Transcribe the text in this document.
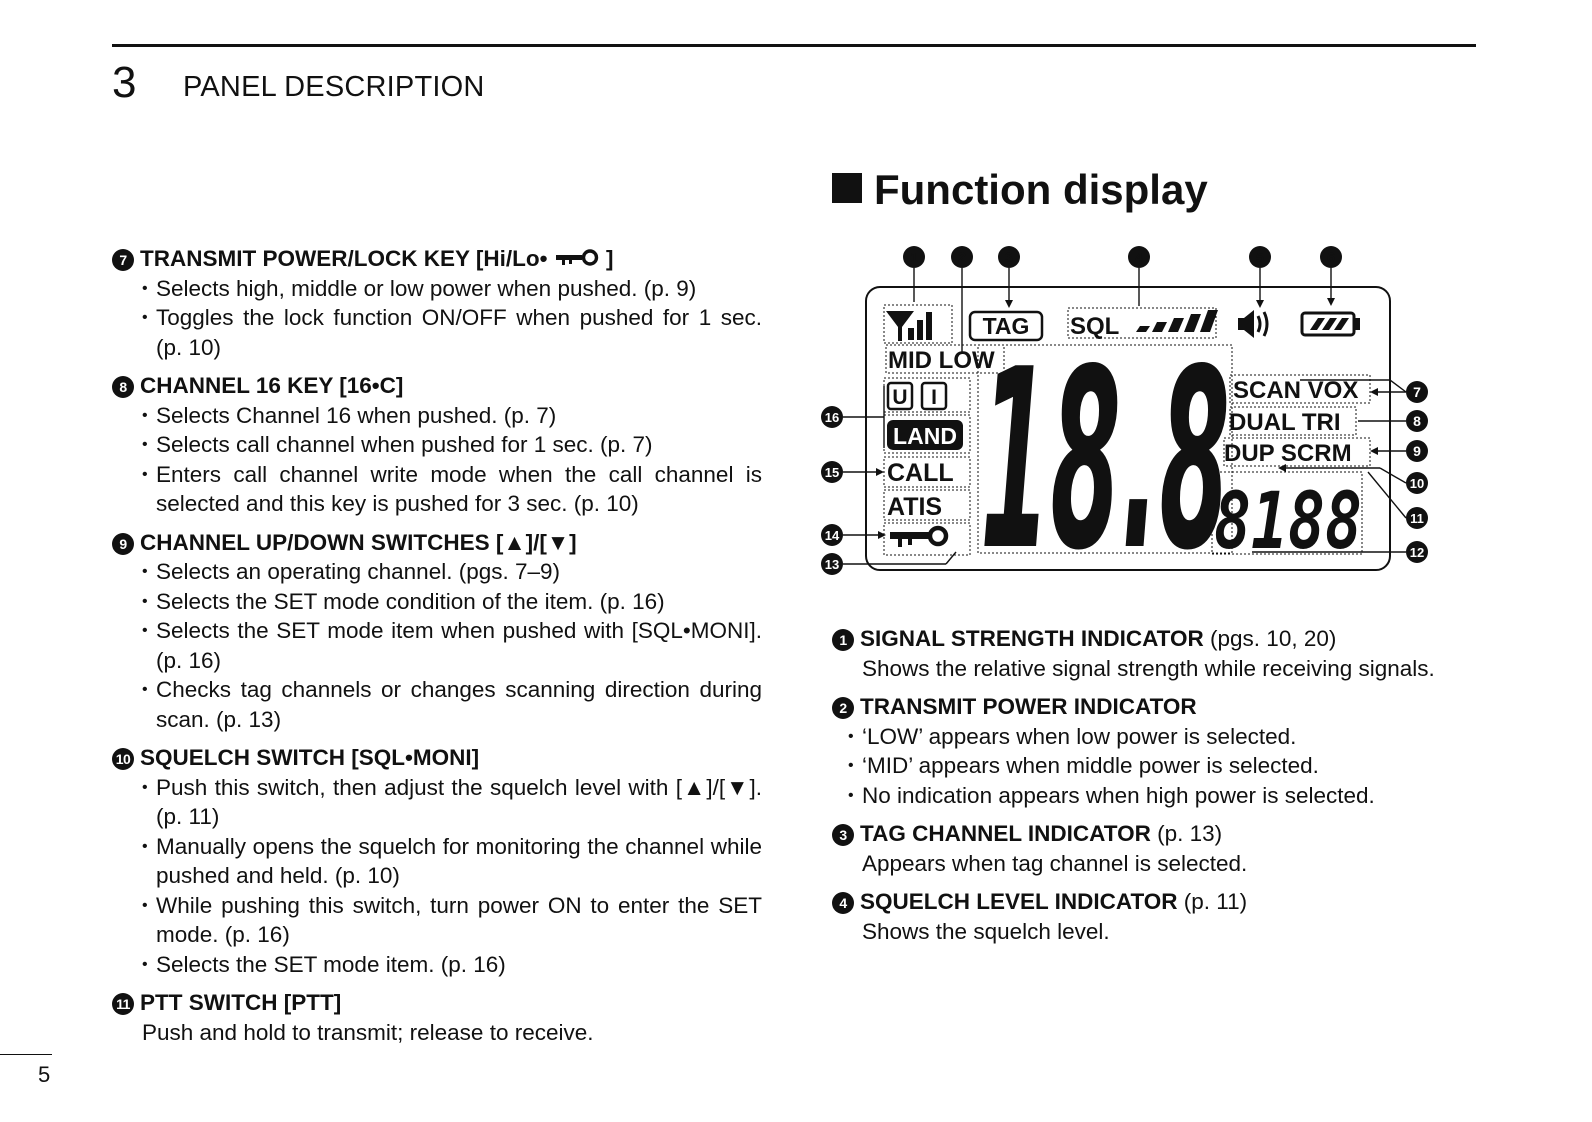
3 PANEL DESCRIPTION
Function display
7 TRANSMIT POWER/LOCK KEY [Hi/Lo•	]
• Selects high, middle or low power when pushed. (p. 9)
• Toggles the lock function ON/OFF when pushed for 1 sec. (p. 10)
8 CHANNEL 16 KEY [16•C]
• Selects Channel 16 when pushed. (p. 7)
• Selects call channel when pushed for 1 sec. (p. 7)
• Enters call channel write mode when the call channel is selected and this key is pushed for 3 sec. (p. 10)
9 CHANNEL UP/DOWN SWITCHES [▲]/[▼]
• Selects an operating channel. (pgs. 7–9)
• Selects the SET mode condition of the item. (p. 16)
• Selects the SET mode item when pushed with [SQL•MONI]. (p. 16)
• Checks tag channels or changes scanning direction during scan. (p. 13)
10 SQUELCH SWITCH [SQL•MONI]
• Push this switch, then adjust the squelch level with [▲]/[▼]. (p. 11)
• Manually opens the squelch for monitoring the channel while pushed and held. (p. 10)
• While pushing this switch, turn power ON to enter the SET mode. (p. 16)
• Selects the SET mode item. (p. 16)
11 PTT SWITCH [PTT]
Push and hold to transmit; release to receive.
1	2	3	4	5	6
TAG SQL
MID LOW
U I
LAND
CALL
ATIS
16
15
14
13 18.8 SCAN VOX
DUAL TRI
DUP SCRM
8188
7
8
9
10
11
12
1 SIGNAL STRENGTH INDICATOR (pgs. 10, 20)
Shows the relative signal strength while receiving signals.
2 TRANSMIT POWER INDICATOR
• ‘LOW’ appears when low power is selected.
• ‘MID’ appears when middle power is selected.
• No indication appears when high power is selected.
3 TAG CHANNEL INDICATOR (p. 13)
Appears when tag channel is selected.
4 SQUELCH LEVEL INDICATOR (p. 11)
Shows the squelch level.
5
